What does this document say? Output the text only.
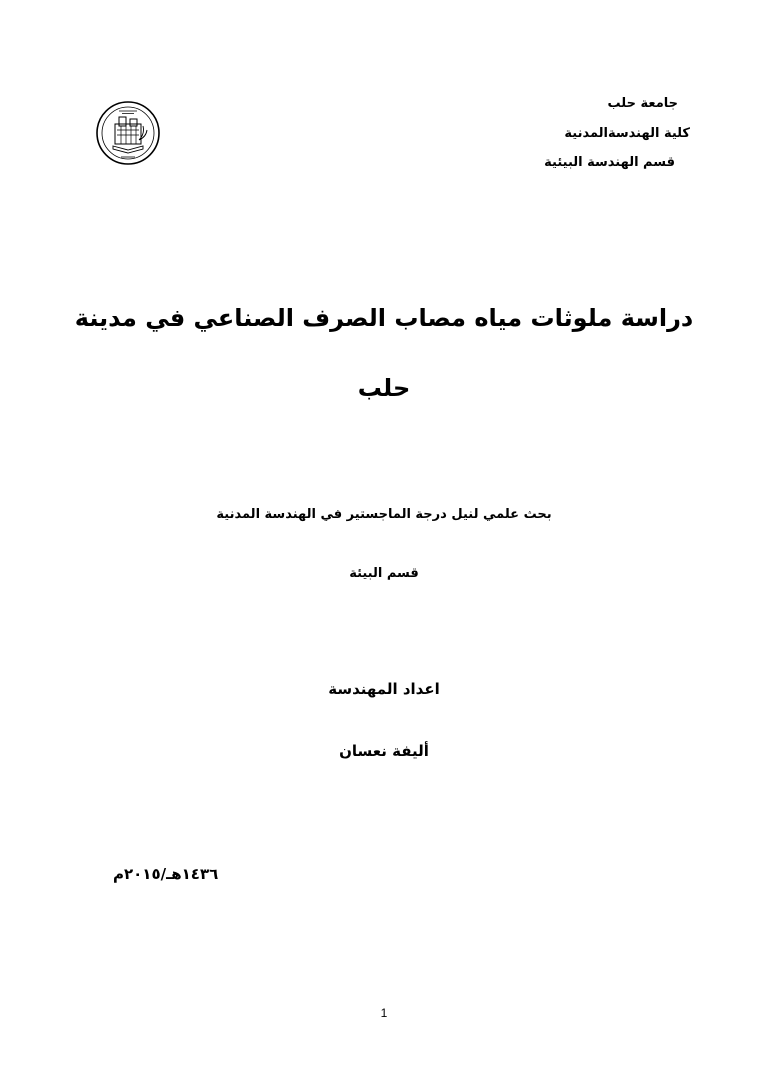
جامعة حلب
كلية الهندسةالمدنية
قسم الهندسة البيئية
دراسة ملوثات مياه مصاب الصرف الصناعي في مدينة
حلب
بحث علمي لنيل درجة الماجستير في الهندسة المدنية
قسم البيئة
اعداد المهندسة
أليفة نعسان
١٤٣٦هـ/٢٠١٥م
1
